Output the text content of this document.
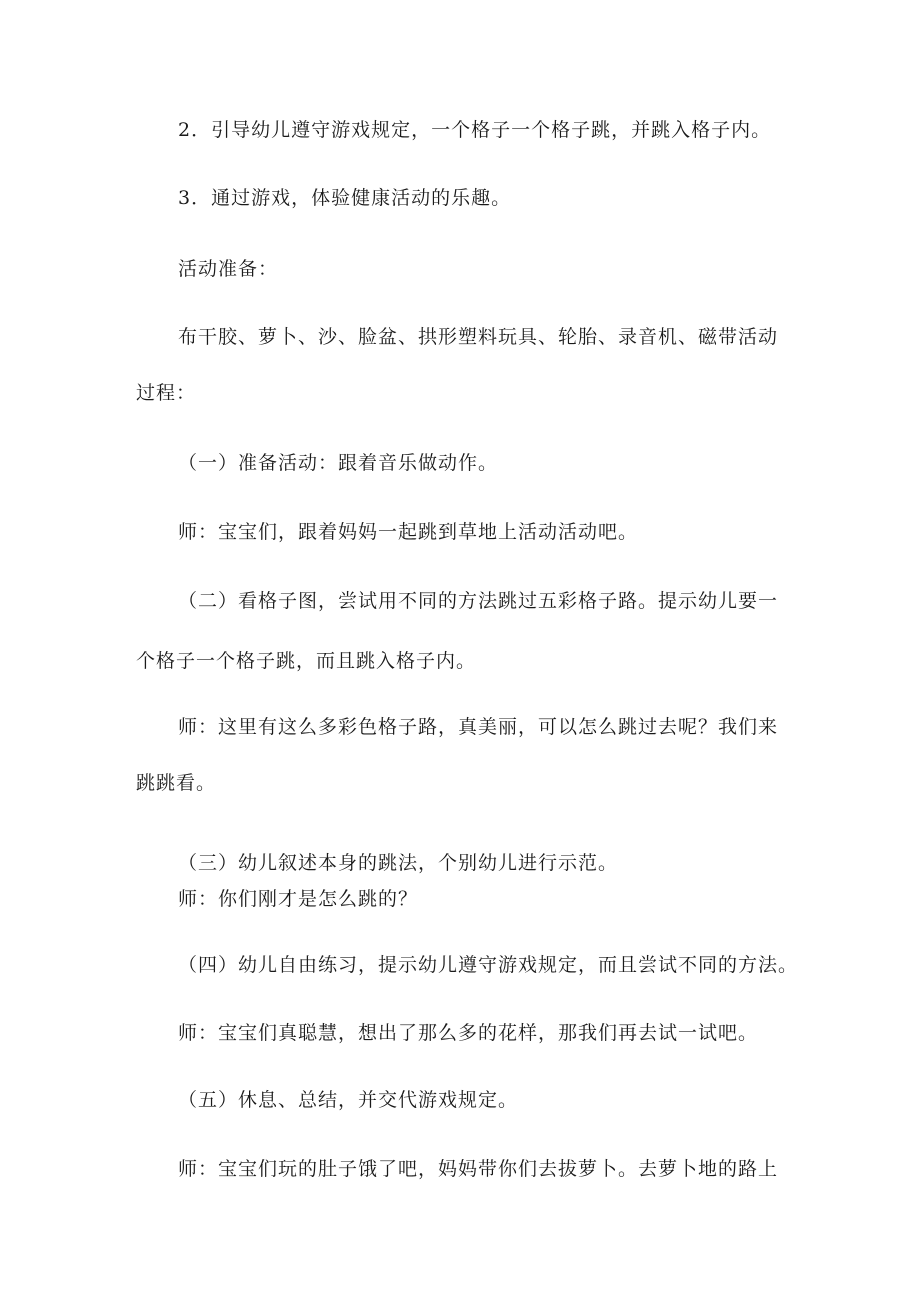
2．引导幼儿遵守游戏规定，一个格子一个格子跳，并跳入格子内。
3．通过游戏，体验健康活动的乐趣。
活动准备：
布干胶、萝卜、沙、脸盆、拱形塑料玩具、轮胎、录音机、磁带活动
过程：
（一）准备活动：跟着音乐做动作。
师：宝宝们，跟着妈妈一起跳到草地上活动活动吧。
（二）看格子图，尝试用不同的方法跳过五彩格子路。提示幼儿要一
个格子一个格子跳，而且跳入格子内。
师：这里有这么多彩色格子路，真美丽，可以怎么跳过去呢？我们来
跳跳看。
（三）幼儿叙述本身的跳法，个别幼儿进行示范。
师：你们刚才是怎么跳的？
（四）幼儿自由练习，提示幼儿遵守游戏规定，而且尝试不同的方法。
师：宝宝们真聪慧，想出了那么多的花样，那我们再去试一试吧。
（五）休息、总结，并交代游戏规定。
师：宝宝们玩的肚子饿了吧，妈妈带你们去拔萝卜。去萝卜地的路上
